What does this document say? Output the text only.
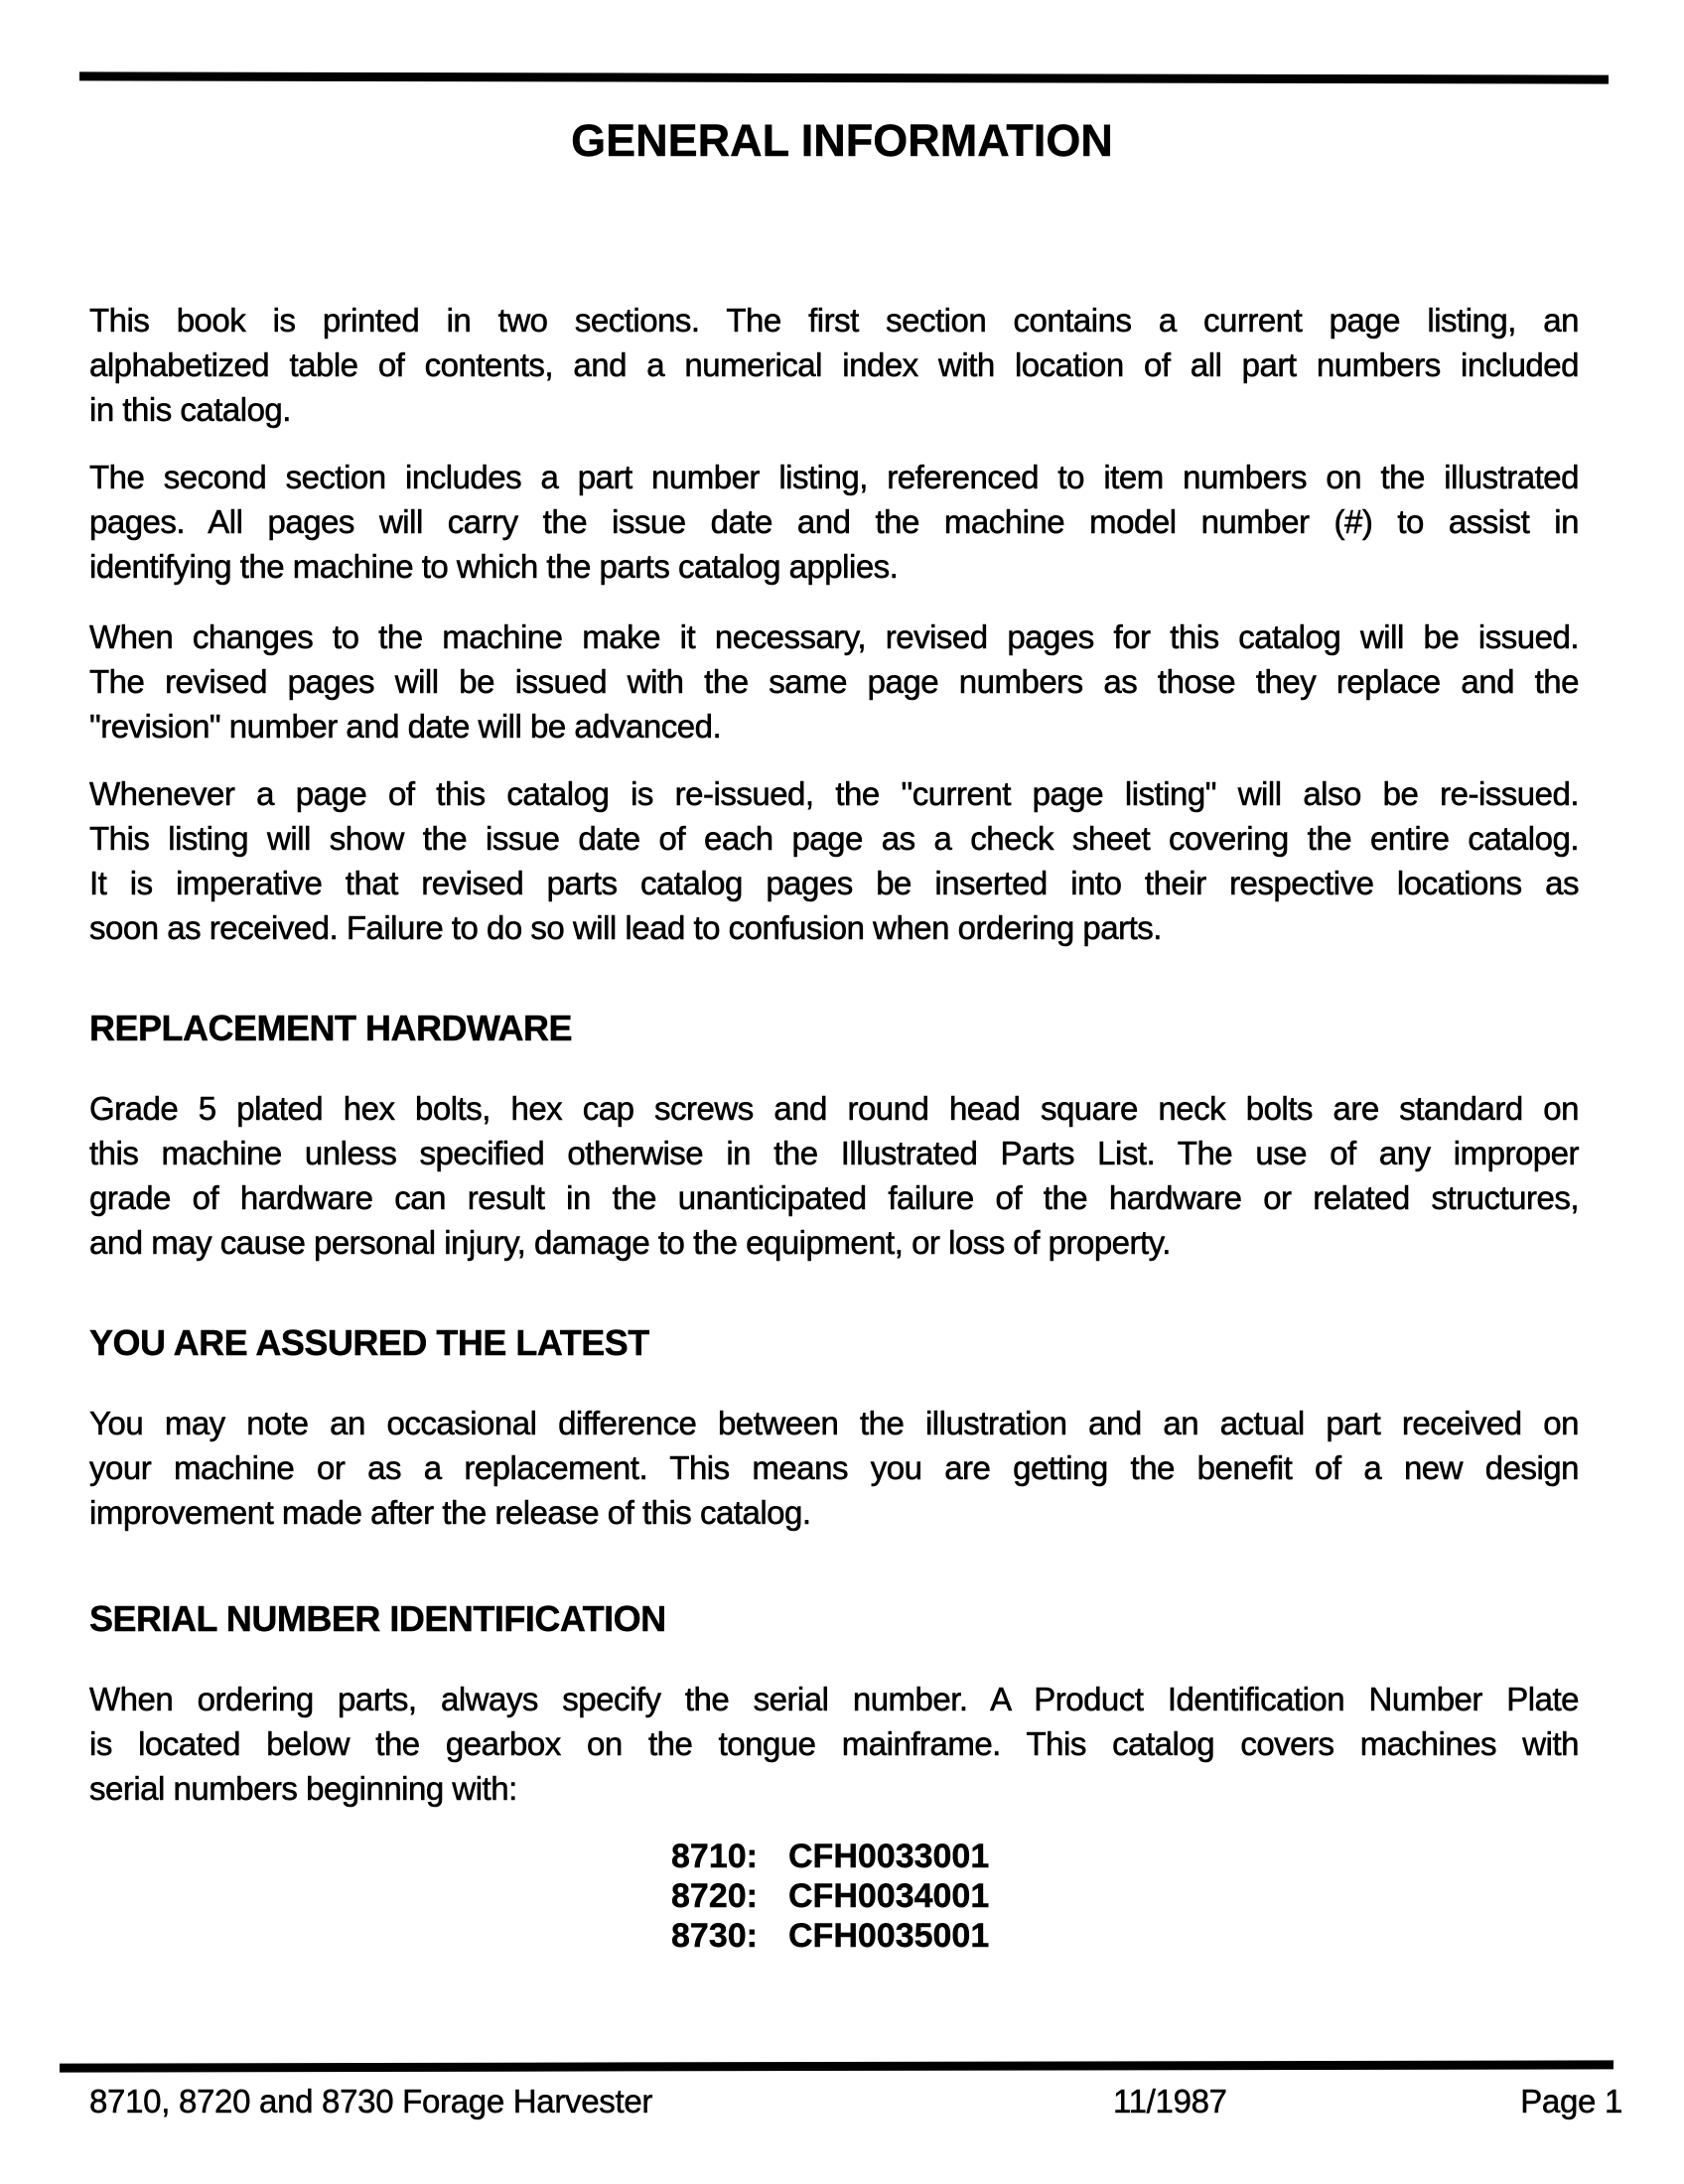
GENERAL INFORMATION
This book is printed in two sections. The first section contains a current page listing, an
alphabetized table of contents, and a numerical index with location of all part numbers included
in this catalog.
The second section includes a part number listing, referenced to item numbers on the illustrated
pages. All pages will carry the issue date and the machine model number (#) to assist in
identifying the machine to which the parts catalog applies.
When changes to the machine make it necessary, revised pages for this catalog will be issued.
The revised pages will be issued with the same page numbers as those they replace and the
"revision" number and date will be advanced.
Whenever a page of this catalog is re-issued, the "current page listing" will also be re-issued.
This listing will show the issue date of each page as a check sheet covering the entire catalog.
It is imperative that revised parts catalog pages be inserted into their respective locations as
soon as received. Failure to do so will lead to confusion when ordering parts.
REPLACEMENT HARDWARE
Grade 5 plated hex bolts, hex cap screws and round head square neck bolts are standard on
this machine unless specified otherwise in the Illustrated Parts List. The use of any improper
grade of hardware can result in the unanticipated failure of the hardware or related structures,
and may cause personal injury, damage to the equipment, or loss of property.
YOU ARE ASSURED THE LATEST
You may note an occasional difference between the illustration and an actual part received on
your machine or as a replacement. This means you are getting the benefit of a new design
improvement made after the release of this catalog.
SERIAL NUMBER IDENTIFICATION
When ordering parts, always specify the serial number. A Product Identification Number Plate
is located below the gearbox on the tongue mainframe. This catalog covers machines with
serial numbers beginning with:
8710: CFH0033001
8720: CFH0034001
8730: CFH0035001
8710, 8720 and 8730 Forage Harvester	11/1987	Page 1
